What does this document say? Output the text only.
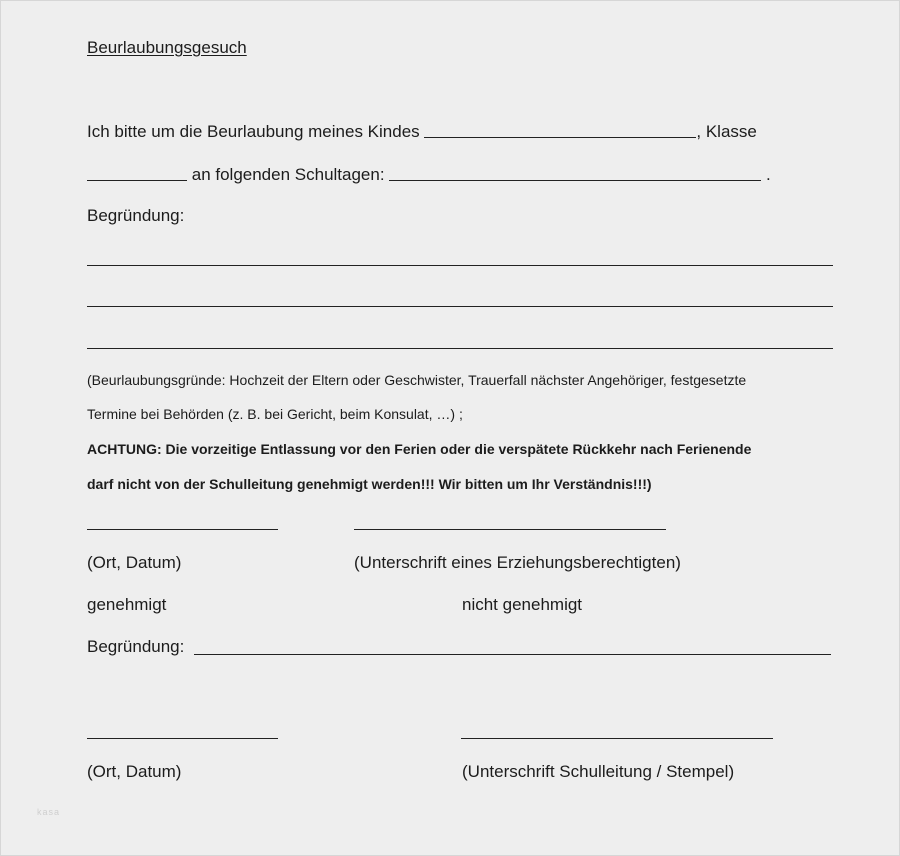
Beurlaubungsgesuch
Ich bitte um die Beurlaubung meines Kindes	, Klasse
an folgenden Schultagen:	.
Begründung:
(Beurlaubungsgründe: Hochzeit der Eltern oder Geschwister, Trauerfall nächster Angehöriger, festgesetzte
Termine bei Behörden (z. B. bei Gericht, beim Konsulat, …) ;
ACHTUNG: Die vorzeitige Entlassung vor den Ferien oder die verspätete Rückkehr nach Ferienende
darf nicht von der Schulleitung genehmigt werden!!! Wir bitten um Ihr Verständnis!!!)
(Ort, Datum)	(Unterschrift eines Erziehungsberechtigten)
genehmigt	nicht genehmigt
Begründung:
(Ort, Datum)	(Unterschrift Schulleitung / Stempel)
kasa
